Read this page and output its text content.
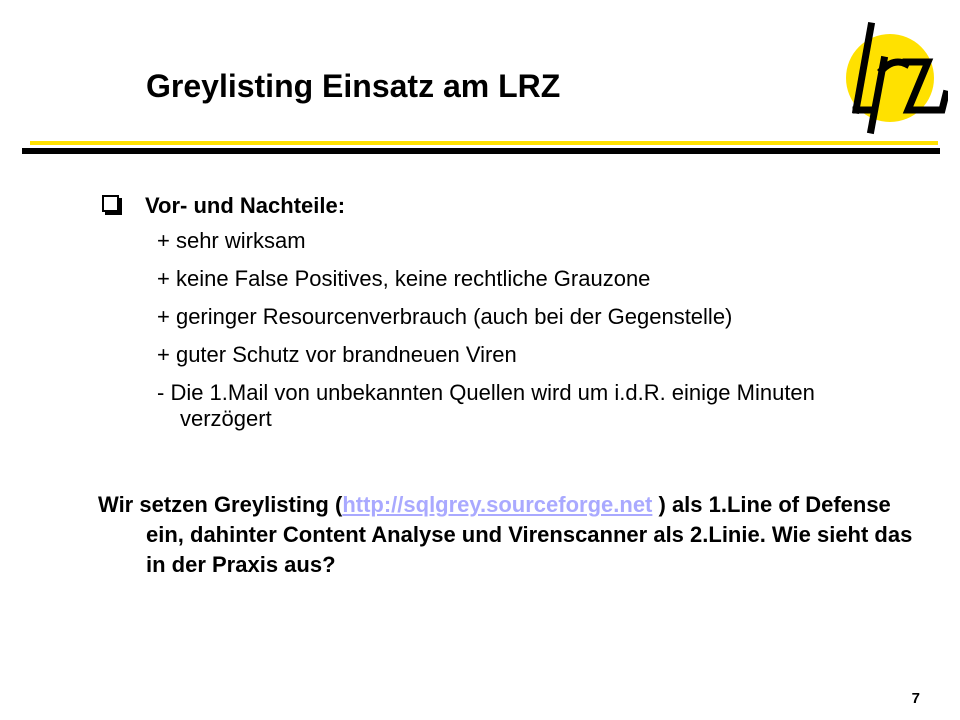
Greylisting Einsatz am LRZ
Vor- und Nachteile:
+ sehr wirksam
+ keine False Positives, keine rechtliche Grauzone
+ geringer Resourcenverbrauch (auch bei der Gegenstelle)
+ guter Schutz vor brandneuen Viren
- Die 1.Mail von unbekannten Quellen wird um i.d.R. einige Minuten verzögert
Wir setzen Greylisting (http://sqlgrey.sourceforge.net ) als 1.Line of Defense ein, dahinter Content Analyse und Virenscanner als 2.Linie. Wie sieht das in der Praxis aus?
7
